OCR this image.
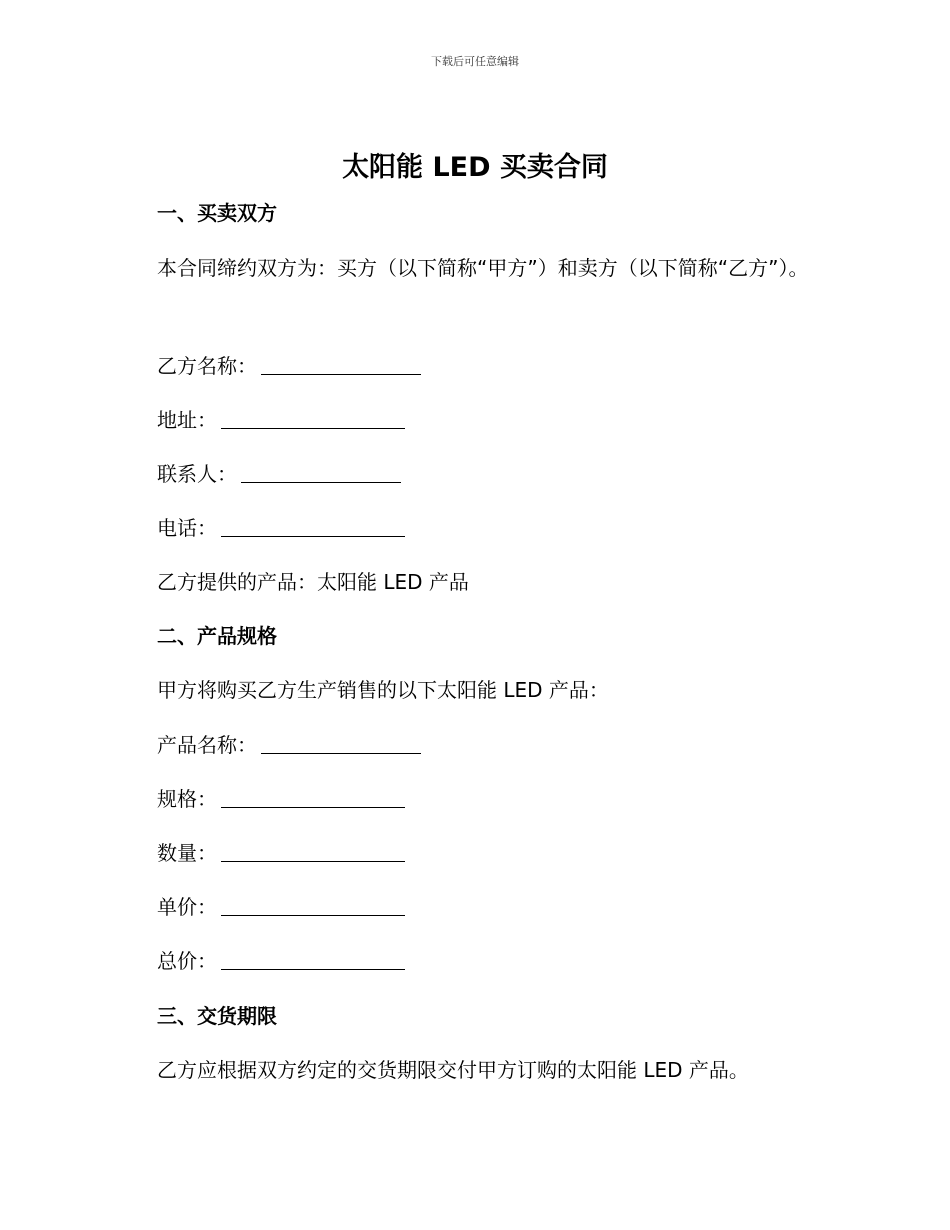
下载后可任意编辑
太阳能 LED 买卖合同
一、买卖双方
本合同缔约双方为：买方（以下简称“甲方”）和卖方（以下简称“乙方”）。
乙方名称：
地址：
联系人：
电话：
乙方提供的产品：太阳能 LED 产品
二、产品规格
甲方将购买乙方生产销售的以下太阳能 LED 产品：
产品名称：
规格：
数量：
单价：
总价：
三、交货期限
乙方应根据双方约定的交货期限交付甲方订购的太阳能 LED 产品。
